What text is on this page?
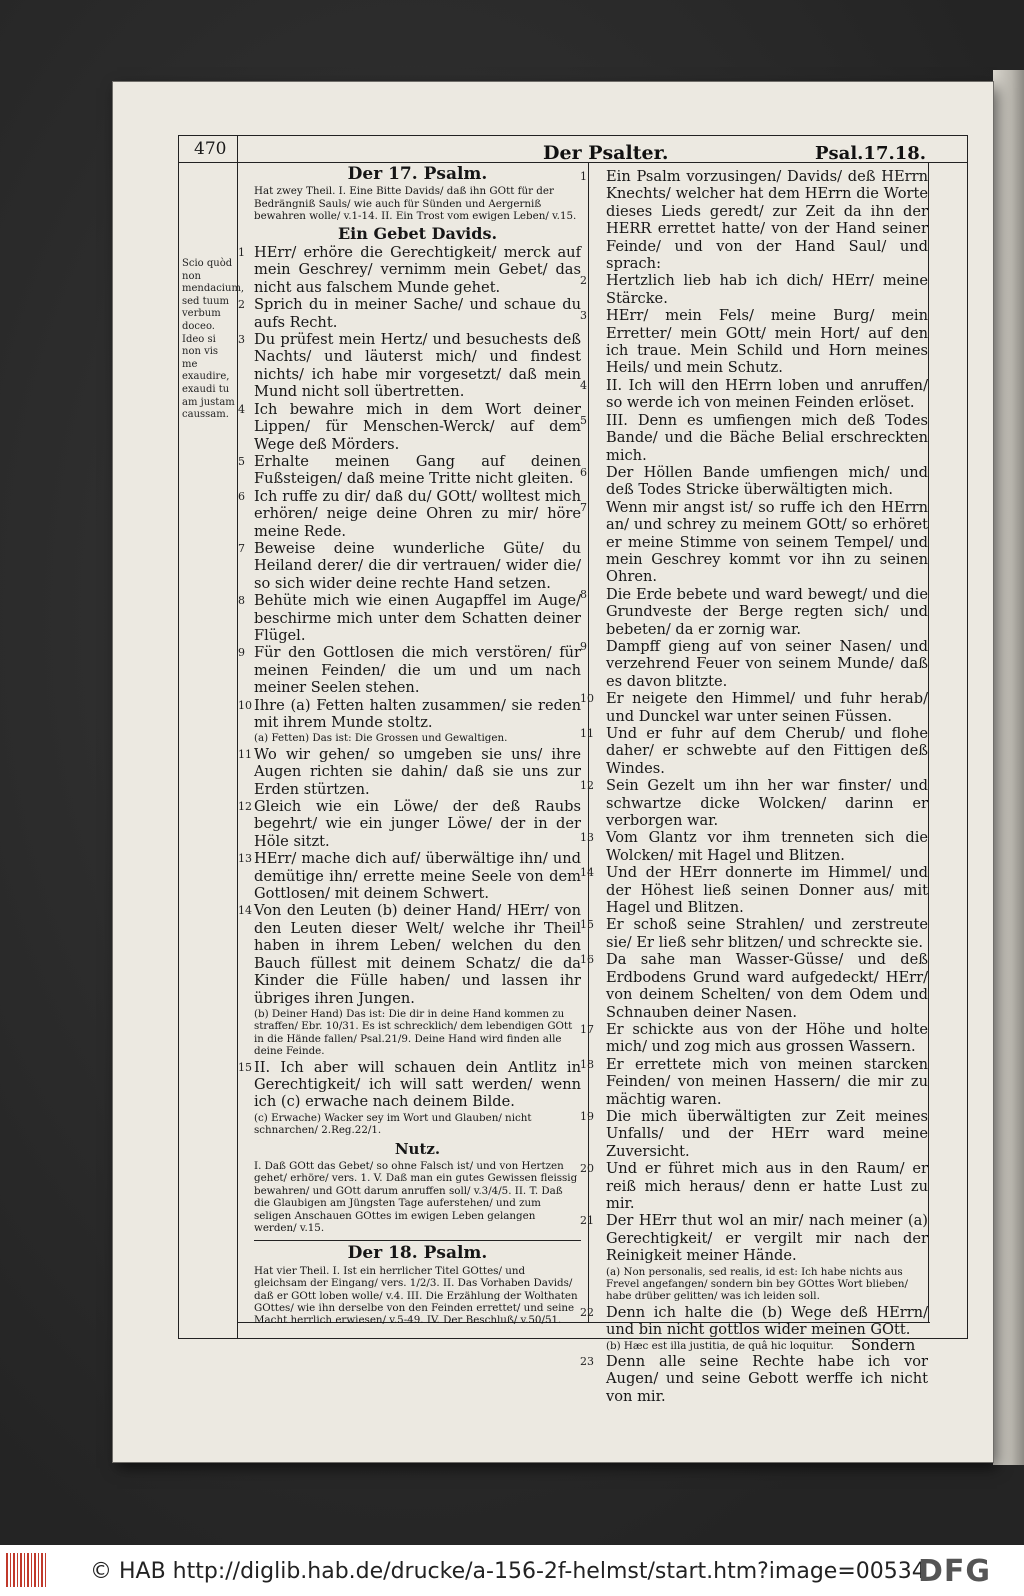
470	Der Psalter.	Psal.17.18.
Scio quòd non mendacium, sed tuum verbum doceo. Ideo si non vis me exaudire, exaudi tu am justam caussam.
Der 17. Psalm.
Hat zwey Theil. I. Eine Bitte Davids/ daß ihn GOtt für der Bedrängniß Sauls/ wie auch für Sünden und Aergerniß bewahren wolle/ v.1-14. II. Ein Trost vom ewigen Leben/ v.15.
Ein Gebet Davids.
1 HErr/ erhöre die Gerechtigkeit/ merck auf mein Geschrey/ vernimm mein Gebet/ das nicht aus falschem Munde gehet.
2 Sprich du in meiner Sache/ und schaue du aufs Recht.
3 Du prüfest mein Hertz/ und besuchests deß Nachts/ und läuterst mich/ und findest nichts/ ich habe mir vorgesetzt/ daß mein Mund nicht soll übertretten.
4 Ich bewahre mich in dem Wort deiner Lippen/ für Menschen-Werck/ auf dem Wege deß Mörders.
5 Erhalte meinen Gang auf deinen Fußsteigen/ daß meine Tritte nicht gleiten.
6 Ich ruffe zu dir/ daß du/ GOtt/ wolltest mich erhören/ neige deine Ohren zu mir/ höre meine Rede.
7 Beweise deine wunderliche Güte/ du Heiland derer/ die dir vertrauen/ wider die/ so sich wider deine rechte Hand setzen.
8 Behüte mich wie einen Augapffel im Auge/ beschirme mich unter dem Schatten deiner Flügel.
9 Für den Gottlosen die mich verstören/ für meinen Feinden/ die um und um nach meiner Seelen stehen.
10 Ihre (a) Fetten halten zusammen/ sie reden mit ihrem Munde stoltz.
(a) Fetten) Das ist: Die Grossen und Gewaltigen.
11 Wo wir gehen/ so umgeben sie uns/ ihre Augen richten sie dahin/ daß sie uns zur Erden stürtzen.
12 Gleich wie ein Löwe/ der deß Raubs begehrt/ wie ein junger Löwe/ der in der Höle sitzt.
13 HErr/ mache dich auf/ überwältige ihn/ und demütige ihn/ errette meine Seele von dem Gottlosen/ mit deinem Schwert.
14 Von den Leuten (b) deiner Hand/ HErr/ von den Leuten dieser Welt/ welche ihr Theil haben in ihrem Leben/ welchen du den Bauch füllest mit deinem Schatz/ die da Kinder die Fülle haben/ und lassen ihr übriges ihren Jungen.
(b) Deiner Hand) Das ist: Die dir in deine Hand kommen zu straffen/ Ebr. 10/31. Es ist schrecklich/ dem lebendigen GOtt in die Hände fallen/ Psal.21/9. Deine Hand wird finden alle deine Feinde.
15 II. Ich aber will schauen dein Antlitz in Gerechtigkeit/ ich will satt werden/ wenn ich (c) erwache nach deinem Bilde.
(c) Erwache) Wacker sey im Wort und Glauben/ nicht schnarchen/ 2.Reg.22/1.
Nutz.
I. Daß GOtt das Gebet/ so ohne Falsch ist/ und von Hertzen gehet/ erhöre/ vers. 1. V. Daß man ein gutes Gewissen fleissig bewahren/ und GOtt darum anruffen soll/ v.3/4/5. II. T. Daß die Glaubigen am Jüngsten Tage auferstehen/ und zum seligen Anschauen GOttes im ewigen Leben gelangen werden/ v.15.
Der 18. Psalm.
Hat vier Theil. I. Ist ein herrlicher Titel GOttes/ und gleichsam der Eingang/ vers. 1/2/3. II. Das Vorhaben Davids/ daß er GOtt loben wolle/ v.4. III. Die Erzählung der Wolthaten GOttes/ wie ihn derselbe von den Feinden errettet/ und seine Macht herrlich erwiesen/ v.5-49. IV. Der Beschluß/ v.50/51.
1 Ein Psalm vorzusingen/ Davids/ deß HErrn Knechts/ welcher hat dem HErrn die Worte dieses Lieds geredt/ zur Zeit da ihn der HERR errettet hatte/ von der Hand seiner Feinde/ und von der Hand Saul/ und sprach:
2 Hertzlich lieb hab ich dich/ HErr/ meine Stärcke.
3 HErr/ mein Fels/ meine Burg/ mein Erretter/ mein GOtt/ mein Hort/ auf den ich traue. Mein Schild und Horn meines Heils/ und mein Schutz.
4 II. Ich will den HErrn loben und anruffen/ so werde ich von meinen Feinden erlöset.
5 III. Denn es umfiengen mich deß Todes Bande/ und die Bäche Belial erschreckten mich.
6 Der Höllen Bande umfiengen mich/ und deß Todes Stricke überwältigten mich.
7 Wenn mir angst ist/ so ruffe ich den HErrn an/ und schrey zu meinem GOtt/ so erhöret er meine Stimme von seinem Tempel/ und mein Geschrey kommt vor ihn zu seinen Ohren.
8 Die Erde bebete und ward bewegt/ und die Grundveste der Berge regten sich/ und bebeten/ da er zornig war.
9 Dampff gieng auf von seiner Nasen/ und verzehrend Feuer von seinem Munde/ daß es davon blitzte.
10 Er neigete den Himmel/ und fuhr herab/ und Dunckel war unter seinen Füssen.
11 Und er fuhr auf dem Cherub/ und flohe daher/ er schwebte auf den Fittigen deß Windes.
12 Sein Gezelt um ihn her war finster/ und schwartze dicke Wolcken/ darinn er verborgen war.
13 Vom Glantz vor ihm trenneten sich die Wolcken/ mit Hagel und Blitzen.
14 Und der HErr donnerte im Himmel/ und der Höhest ließ seinen Donner aus/ mit Hagel und Blitzen.
15 Er schoß seine Strahlen/ und zerstreute sie/ Er ließ sehr blitzen/ und schreckte sie.
16 Da sahe man Wasser-Güsse/ und deß Erdbodens Grund ward aufgedeckt/ HErr/ von deinem Schelten/ von dem Odem und Schnauben deiner Nasen.
17 Er schickte aus von der Höhe und holte mich/ und zog mich aus grossen Wassern.
18 Er errettete mich von meinen starcken Feinden/ von meinen Hassern/ die mir zu mächtig waren.
19 Die mich überwältigten zur Zeit meines Unfalls/ und der HErr ward meine Zuversicht.
20 Und er führet mich aus in den Raum/ er reiß mich heraus/ denn er hatte Lust zu mir.
21 Der HErr thut wol an mir/ nach meiner (a) Gerechtigkeit/ er vergilt mir nach der Reinigkeit meiner Hände.
(a) Non personalis, sed realis, id est: Ich habe nichts aus Frevel angefangen/ sondern bin bey GOttes Wort blieben/ habe drüber gelitten/ was ich leiden soll.
22 Denn ich halte die (b) Wege deß HErrn/ und bin nicht gottlos wider meinen GOtt.
(b) Hæc est illa justitia, de quâ hic loquitur.
23 Denn alle seine Rechte habe ich vor Augen/ und seine Gebott werffe ich nicht von mir.
Sondern
© HAB http://diglib.hab.de/drucke/a-156-2f-helmst/start.htm?image=00534
DFG
